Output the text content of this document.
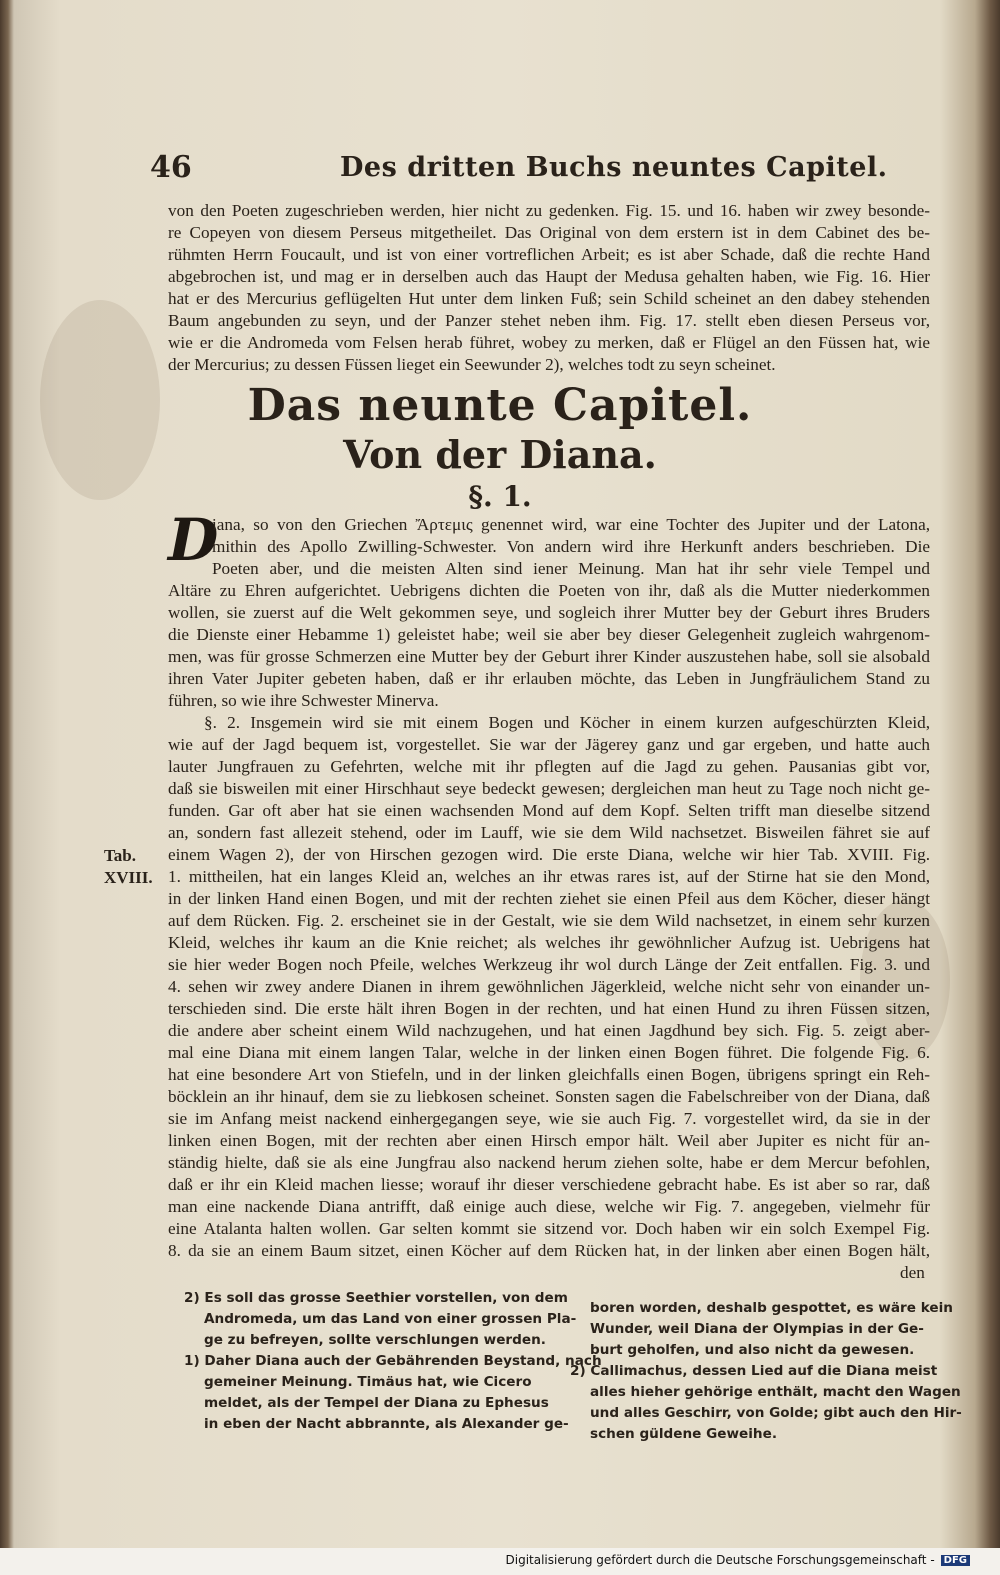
46	Des dritten Buchs neuntes Capitel.
von den Poeten zugeschrieben werden, hier nicht zu gedenken. Fig. 15. und 16. haben wir zwey besonde-
re Copeyen von diesem Perseus mitgetheilet. Das Original von dem erstern ist in dem Cabinet des be-
rühmten Herrn Foucault, und ist von einer vortreflichen Arbeit; es ist aber Schade, daß die rechte Hand
abgebrochen ist, und mag er in derselben auch das Haupt der Medusa gehalten haben, wie Fig. 16. Hier
hat er des Mercurius geflügelten Hut unter dem linken Fuß; sein Schild scheinet an den dabey stehenden
Baum angebunden zu seyn, und der Panzer stehet neben ihm. Fig. 17. stellt eben diesen Perseus vor,
wie er die Andromeda vom Felsen herab führet, wobey zu merken, daß er Flügel an den Füssen hat, wie
der Mercurius; zu dessen Füssen lieget ein Seewunder 2), welches todt zu seyn scheinet.
Das neunte Capitel.
Von der Diana.
§. 1.
D
iana, so von den Griechen Ἄρτεμις genennet wird, war eine Tochter des Jupiter und der Latona,
mithin des Apollo Zwilling-Schwester. Von andern wird ihre Herkunft anders beschrieben. Die
Poeten aber, und die meisten Alten sind iener Meinung. Man hat ihr sehr viele Tempel und
Altäre zu Ehren aufgerichtet. Uebrigens dichten die Poeten von ihr, daß als die Mutter niederkommen
wollen, sie zuerst auf die Welt gekommen seye, und sogleich ihrer Mutter bey der Geburt ihres Bruders
die Dienste einer Hebamme 1) geleistet habe; weil sie aber bey dieser Gelegenheit zugleich wahrgenom-
men, was für grosse Schmerzen eine Mutter bey der Geburt ihrer Kinder auszustehen habe, soll sie alsobald
ihren Vater Jupiter gebeten haben, daß er ihr erlauben möchte, das Leben in Jungfräulichem Stand zu
führen, so wie ihre Schwester Minerva.
§. 2. Insgemein wird sie mit einem Bogen und Köcher in einem kurzen aufgeschürzten Kleid,
wie auf der Jagd bequem ist, vorgestellet. Sie war der Jägerey ganz und gar ergeben, und hatte auch
lauter Jungfrauen zu Gefehrten, welche mit ihr pflegten auf die Jagd zu gehen. Pausanias gibt vor,
daß sie bisweilen mit einer Hirschhaut seye bedeckt gewesen; dergleichen man heut zu Tage noch nicht ge-
funden. Gar oft aber hat sie einen wachsenden Mond auf dem Kopf. Selten trifft man dieselbe sitzend
an, sondern fast allezeit stehend, oder im Lauff, wie sie dem Wild nachsetzet. Bisweilen fähret sie auf
einem Wagen 2), der von Hirschen gezogen wird. Die erste Diana, welche wir hier Tab. XVIII. Fig.
1. mittheilen, hat ein langes Kleid an, welches an ihr etwas rares ist, auf der Stirne hat sie den Mond,
in der linken Hand einen Bogen, und mit der rechten ziehet sie einen Pfeil aus dem Köcher, dieser hängt
auf dem Rücken. Fig. 2. erscheinet sie in der Gestalt, wie sie dem Wild nachsetzet, in einem sehr kurzen
Kleid, welches ihr kaum an die Knie reichet; als welches ihr gewöhnlicher Aufzug ist. Uebrigens hat
sie hier weder Bogen noch Pfeile, welches Werkzeug ihr wol durch Länge der Zeit entfallen. Fig. 3. und
4. sehen wir zwey andere Dianen in ihrem gewöhnlichen Jägerkleid, welche nicht sehr von einander un-
terschieden sind. Die erste hält ihren Bogen in der rechten, und hat einen Hund zu ihren Füssen sitzen,
die andere aber scheint einem Wild nachzugehen, und hat einen Jagdhund bey sich. Fig. 5. zeigt aber-
mal eine Diana mit einem langen Talar, welche in der linken einen Bogen führet. Die folgende Fig. 6.
hat eine besondere Art von Stiefeln, und in der linken gleichfalls einen Bogen, übrigens springt ein Reh-
böcklein an ihr hinauf, dem sie zu liebkosen scheinet. Sonsten sagen die Fabelschreiber von der Diana, daß
sie im Anfang meist nackend einhergegangen seye, wie sie auch Fig. 7. vorgestellet wird, da sie in der
linken einen Bogen, mit der rechten aber einen Hirsch empor hält. Weil aber Jupiter es nicht für an-
ständig hielte, daß sie als eine Jungfrau also nackend herum ziehen solte, habe er dem Mercur befohlen,
daß er ihr ein Kleid machen liesse; worauf ihr dieser verschiedene gebracht habe. Es ist aber so rar, daß
man eine nackende Diana antrifft, daß einige auch diese, welche wir Fig. 7. angegeben, vielmehr für
eine Atalanta halten wollen. Gar selten kommt sie sitzend vor. Doch haben wir ein solch Exempel Fig.
8. da sie an einem Baum sitzet, einen Köcher auf dem Rücken hat, in der linken aber einen Bogen hält,
den
Tab.
XVIII.
2) Es soll das grosse Seethier vorstellen, von dem
Andromeda, um das Land von einer grossen Pla-
ge zu befreyen, sollte verschlungen werden.
1) Daher Diana auch der Gebährenden Beystand, nach
gemeiner Meinung. Timäus hat, wie Cicero
meldet, als der Tempel der Diana zu Ephesus
in eben der Nacht abbrannte, als Alexander ge-
boren worden, deshalb gespottet, es wäre kein
Wunder, weil Diana der Olympias in der Ge-
burt geholfen, und also nicht da gewesen.
2) Callimachus, dessen Lied auf die Diana meist
alles hieher gehörige enthält, macht den Wagen
und alles Geschirr, von Golde; gibt auch den Hir-
schen güldene Geweihe.
Digitalisierung gefördert durch die Deutsche Forschungsgemeinschaft - DFG
